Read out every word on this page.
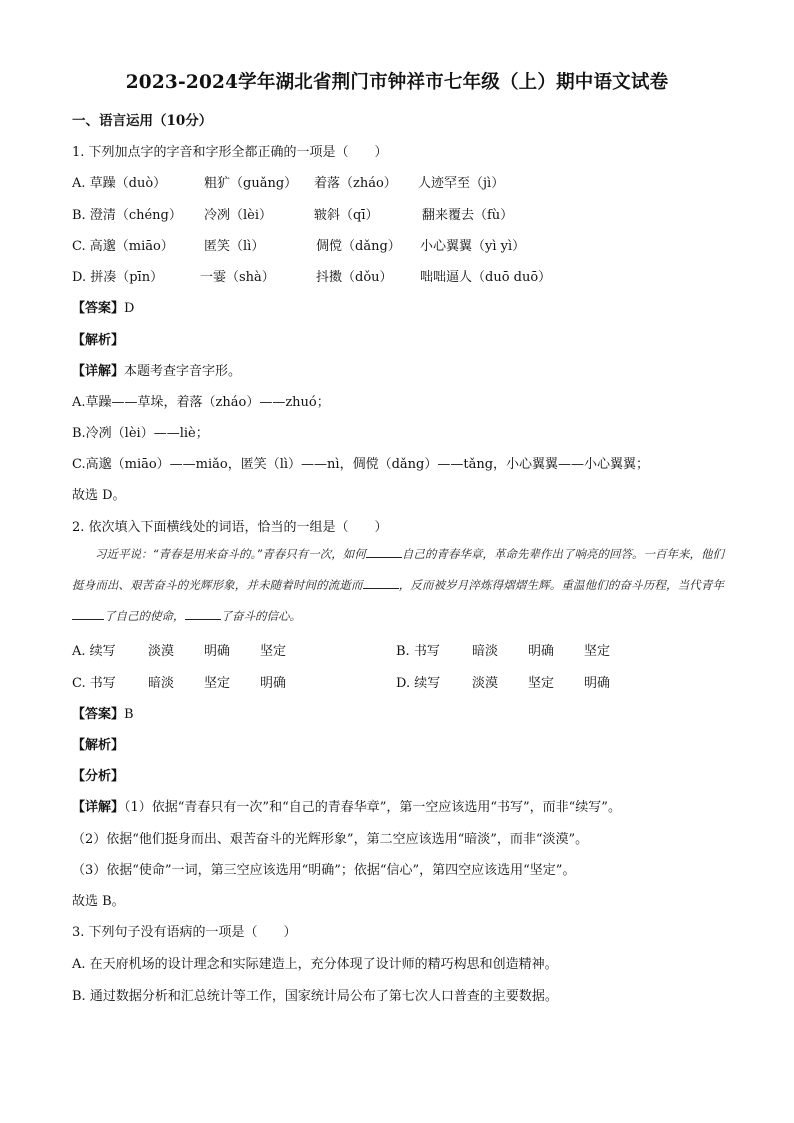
2023-2024学年湖北省荆门市钟祥市七年级（上）期中语文试卷
一、语言运用（10分）
1. 下列加点字的字音和字形全都正确的一项是（　　）
A. 草躁（duò）	粗犷（guǎng） 着落（zháo） 人迹罕至（jì）
B. 澄清（chéng） 冷冽（lèi）	皲斜（qī）	翻来覆去（fù）
C. 高邈（miāo） 匿笑（lì）	倜傥（dǎng） 小心翼翼（yì yì）
D. 拼凑（pīn）	一霎（shà）	抖擞（dǒu） 咄咄逼人（duō duō）
【答案】D
【解析】
【详解】本题考查字音字形。
A.草躁——草垛，着落（zháo）——zhuó；
B.冷冽（lèi）——liè；
C.高邈（miāo）——miǎo，匿笑（lì）——nì，倜傥（dǎng）——tǎng，小心翼翼——小心翼翼；
故选 D。
2. 依次填入下面横线处的词语，恰当的一组是（　　）
习近平说：“青春是用来奋斗的。”青春只有一次，如何	自己的青春华章，革命先辈作出了响亮的回答。一百年来，他们挺身而出、艰苦奋斗的光辉形象，并未随着时间的流逝而	，反而被岁月淬炼得熠熠生辉。重温他们的奋斗历程，当代青年了自己的使命，	了奋斗的信心。
A. 续写 淡漠 明确 坚定	B. 书写 暗淡 明确 坚定
C. 书写 暗淡 坚定 明确	D. 续写 淡漠 坚定 明确
【答案】B
【解析】
【分析】
【详解】（1）依据“青春只有一次”和“自己的青春华章”，第一空应该选用“书写”，而非“续写”。
（2）依据“他们挺身而出、艰苦奋斗的光辉形象”，第二空应该选用“暗淡”，而非“淡漠”。
（3）依据“使命”一词，第三空应该选用“明确”；依据“信心”，第四空应该选用“坚定”。
故选 B。
3. 下列句子没有语病的一项是（　　）
A. 在天府机场的设计理念和实际建造上，充分体现了设计师的精巧构思和创造精神。
B. 通过数据分析和汇总统计等工作，国家统计局公布了第七次人口普查的主要数据。
